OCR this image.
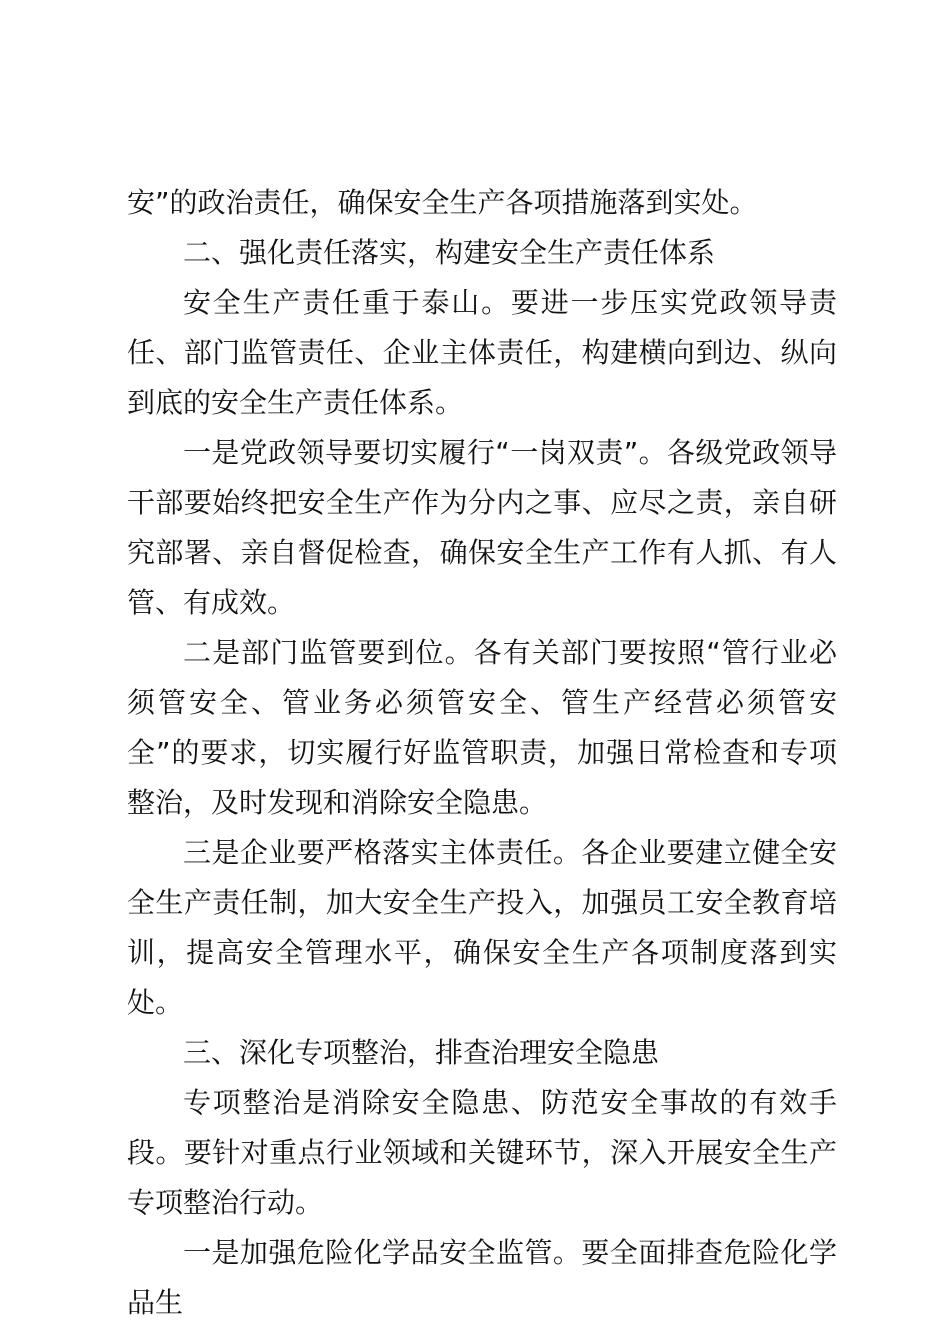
安”的政治责任，确保安全生产各项措施落到实处。

二、强化责任落实，构建安全生产责任体系

安全生产责任重于泰山。要进一步压实党政领导责任、部门监管责任、企业主体责任，构建横向到边、纵向到底的安全生产责任体系。

一是党政领导要切实履行“一岗双责”。各级党政领导干部要始终把安全生产作为分内之事、应尽之责，亲自研究部署、亲自督促检查，确保安全生产工作有人抓、有人管、有成效。

二是部门监管要到位。各有关部门要按照“管行业必须管安全、管业务必须管安全、管生产经营必须管安全”的要求，切实履行好监管职责，加强日常检查和专项整治，及时发现和消除安全隐患。

三是企业要严格落实主体责任。各企业要建立健全安全生产责任制，加大安全生产投入，加强员工安全教育培训，提高安全管理水平，确保安全生产各项制度落到实处。

三、深化专项整治，排查治理安全隐患

专项整治是消除安全隐患、防范安全事故的有效手段。要针对重点行业领域和关键环节，深入开展安全生产专项整治行动。

一是加强危险化学品安全监管。要全面排查危险化学品生
